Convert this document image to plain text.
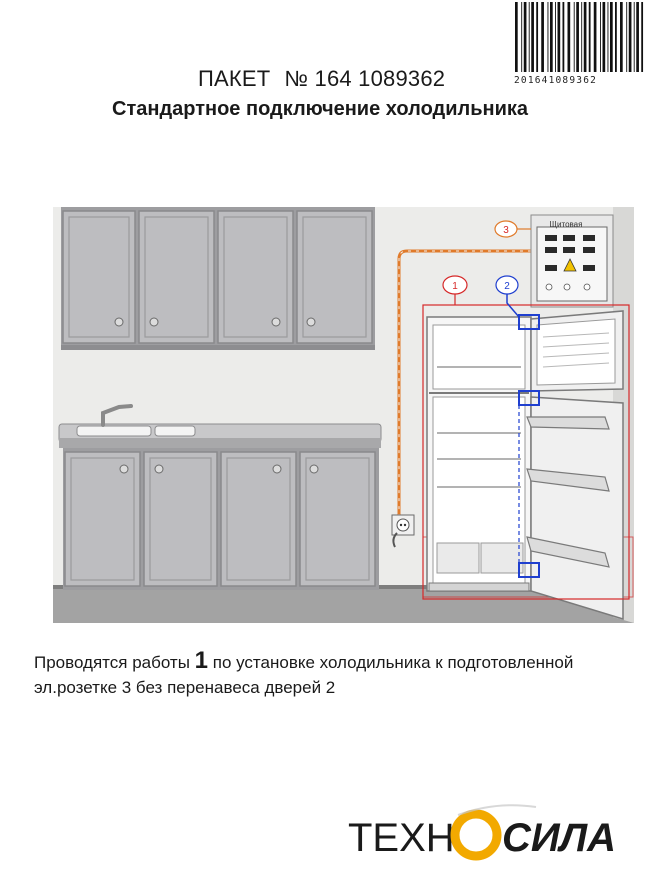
201641089362
ПАКЕТ № 164 1089362
Стандартное подключение холодильника
Щитовая
1	2
3
Проводятся работы 1 по установке холодильника к подготовленной
эл.розетке 3 без перенавеса дверей 2
ТЕХН СИЛА
